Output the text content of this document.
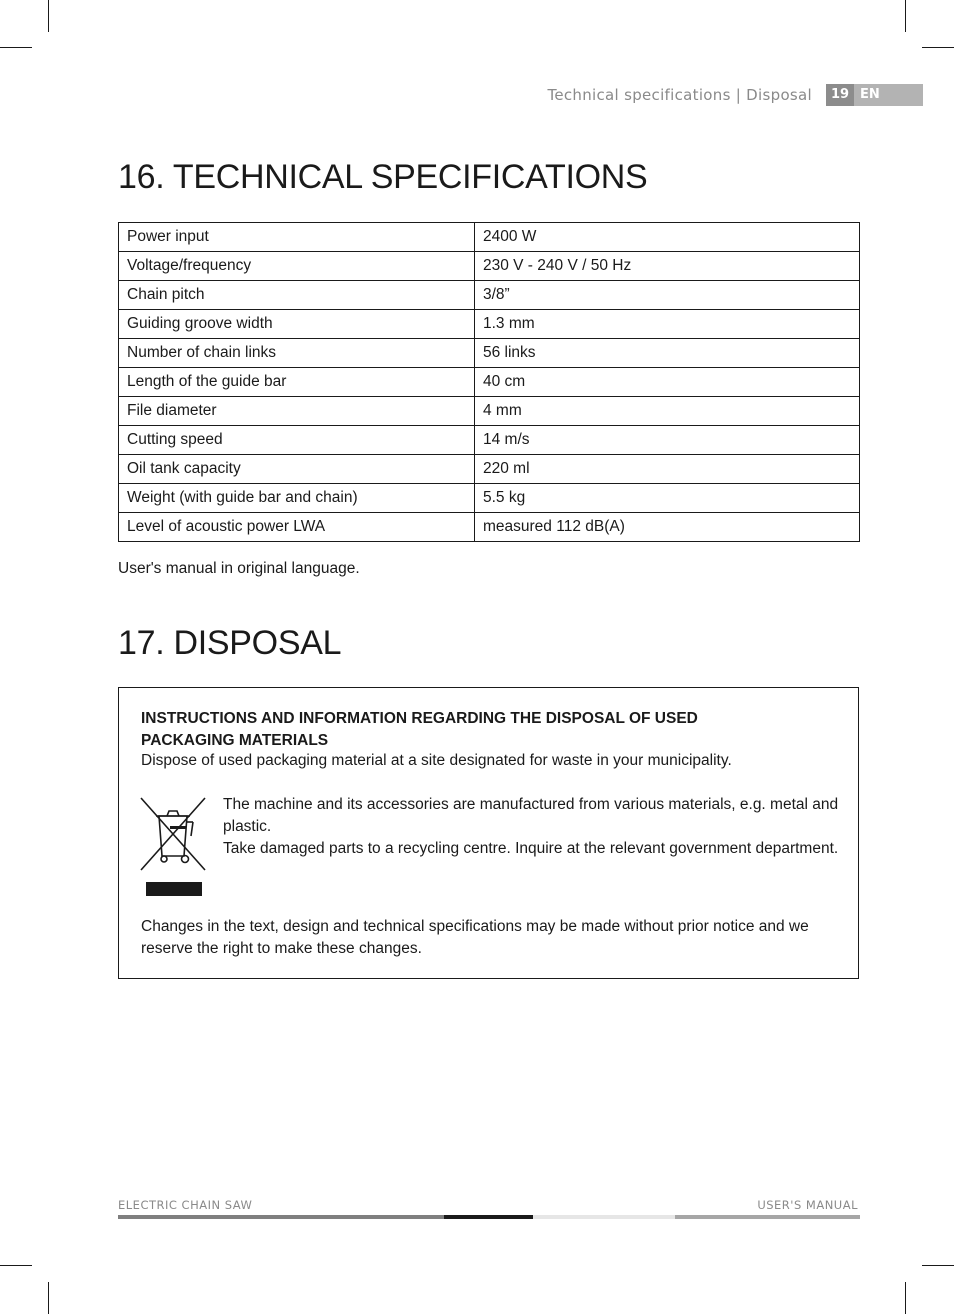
Technical specifications | Disposal	19 EN
16. TECHNICAL SPECIFICATIONS
Power input	2400 W
Voltage/frequency	230 V - 240 V / 50 Hz
Chain pitch	3/8”
Guiding groove width	1.3 mm
Number of chain links	56 links
Length of the guide bar	40 cm
File diameter	4 mm
Cutting speed	14 m/s
Oil tank capacity	220 ml
Weight (with guide bar and chain)	5.5 kg
Level of acoustic power LWA	measured 112 dB(A)
User's manual in original language.
17. DISPOSAL
INSTRUCTIONS AND INFORMATION REGARDING THE DISPOSAL OF USED PACKAGING MATERIALS
Dispose of used packaging material at a site designated for waste in your municipality.

The machine and its accessories are manufactured from various materials, e.g. metal and plastic.

Take damaged parts to a recycling centre. Inquire at the relevant government department.

Changes in the text, design and technical specifications may be made without prior notice and we reserve the right to make these changes.
ELECTRIC CHAIN SAW	USER'S MANUAL
